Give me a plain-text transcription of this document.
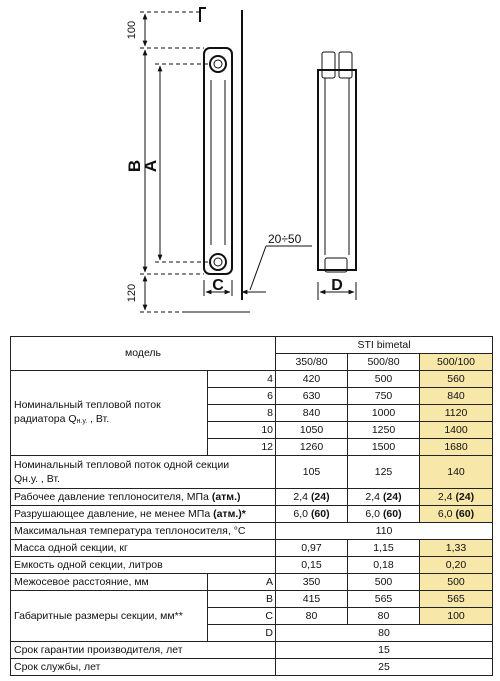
100
120
B
A
C	D
20÷50
модель		STI bimetal		
		350/80	500/80	500/100
Номинальный тепловой поток
радиатора $Q_{н.у.}$ , Вт.	4	420	500	560
	6	630	750	840
	8	840	1000	1120
	10	1050	1250	1400
	12	1260	1500	1680
Номинальный тепловой поток одной секции
Qн.у. , Вт.		105	125	140
Рабочее давление теплоносителя, МПа (атм.)		2,4 (24)	2,4 (24)	2,4 (24)
Разрушающее давление, не менее МПа (атм.)*		6,0 (60)	6,0 (60)	6,0 (60)
Максимальная температура теплоносителя, °С		110		
Масса одной секции, кг		0,97	1,15	1,33
Емкость одной секции, литров		0,15	0,18	0,20
Межосевое расстояние, мм	A	350	500	500
Габаритные размеры секции, мм**	B	415	565	565
	C	80	80	100
	D	80		
Срок гарантии производителя, лет		15		
Срок службы, лет		25		
